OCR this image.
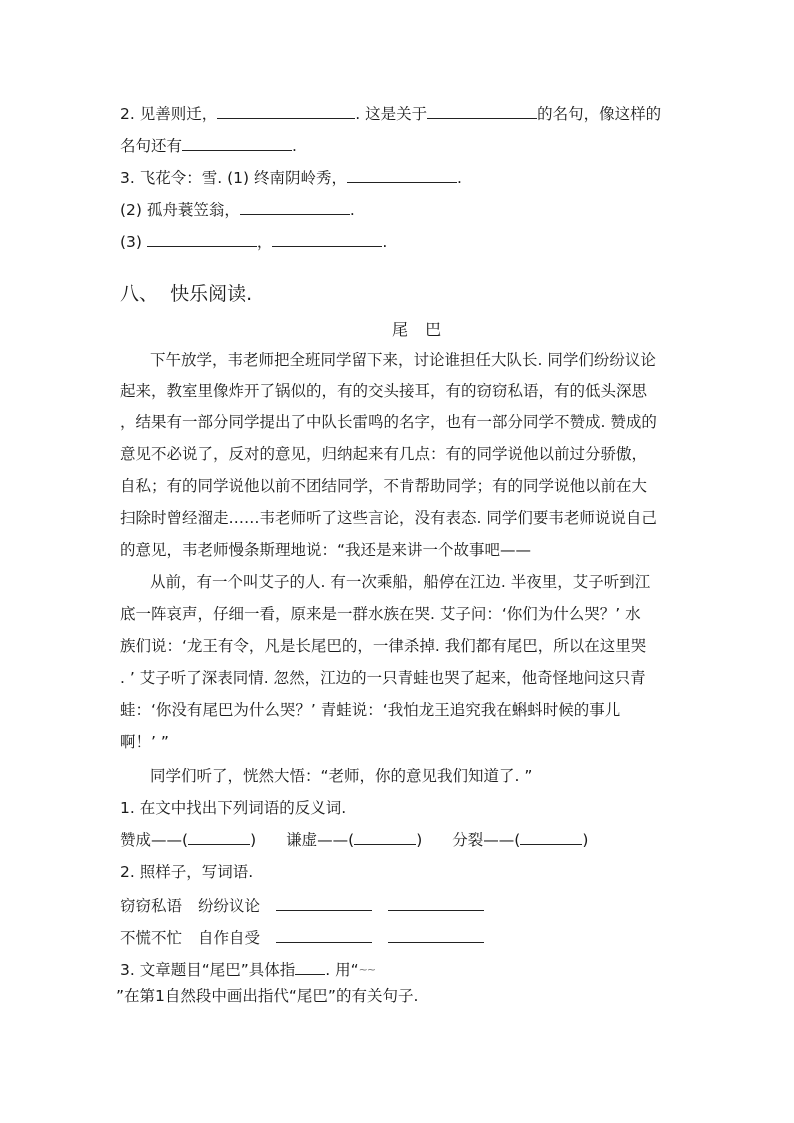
2. 见善则迁，	. 这是关于	的名句，像这样的
名句还有	.
3. 飞花令：雪. (1) 终南阴岭秀，	.
(2) 孤舟蓑笠翁，	.
(3)	，	.
八、 快乐阅读.
尾 巴
下午放学，韦老师把全班同学留下来，讨论谁担任大队长. 同学们纷纷议论
起来，教室里像炸开了锅似的，有的交头接耳，有的窃窃私语，有的低头深思
，结果有一部分同学提出了中队长雷鸣的名字，也有一部分同学不赞成. 赞成的
意见不必说了，反对的意见，归纳起来有几点：有的同学说他以前过分骄傲，
自私；有的同学说他以前不团结同学，不肯帮助同学；有的同学说他以前在大
扫除时曾经溜走……韦老师听了这些言论，没有表态. 同学们要韦老师说说自己
的意见，韦老师慢条斯理地说：“我还是来讲一个故事吧——
从前，有一个叫艾子的人. 有一次乘船，船停在江边. 半夜里，艾子听到江
底一阵哀声，仔细一看，原来是一群水族在哭. 艾子问：‘你们为什么哭？’ 水
族们说：‘龙王有令，凡是长尾巴的，一律杀掉. 我们都有尾巴，所以在这里哭
. ’ 艾子听了深表同情. 忽然，江边的一只青蛙也哭了起来，他奇怪地问这只青
蛙：‘你没有尾巴为什么哭？’ 青蛙说：‘我怕龙王追究我在蝌蚪时候的事儿
啊！’ ”
同学们听了，恍然大悟：“老师，你的意见我们知道了. ”
1. 在文中找出下列词语的反义词.
赞成——(	) 谦虚——(	) 分裂——(	)
2. 照样子，写词语.
窃窃私语 纷纷议论
不慌不忙 自作自受
3. 文章题目“尾巴”具体指 . 用“~~
”在第1自然段中画出指代“尾巴”的有关句子.
